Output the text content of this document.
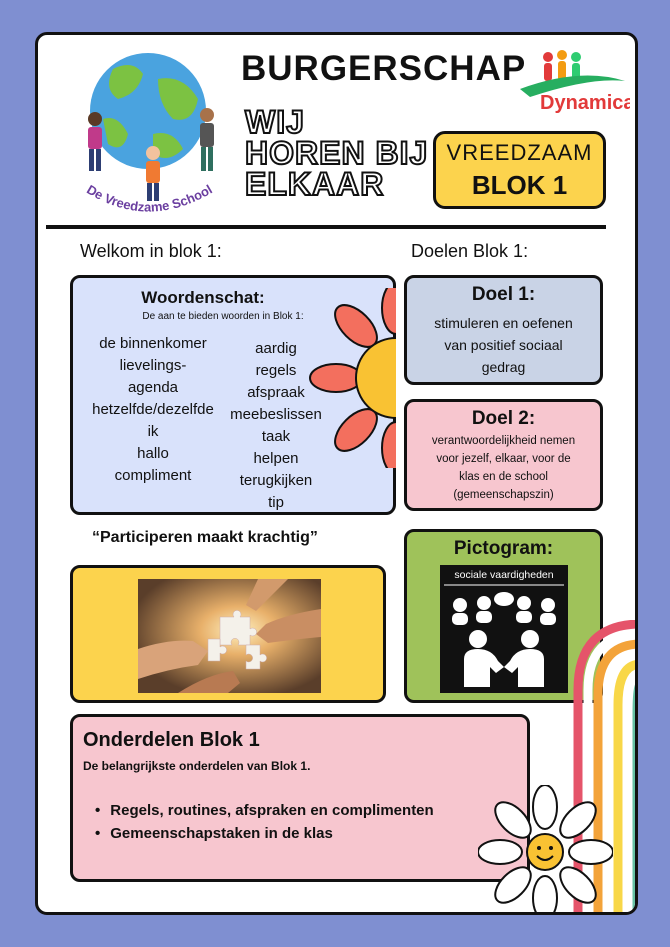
De Vreedzame School
BURGERSCHAP
Dynamica
WIJ
HOREN BIJ
ELKAAR
VREEDZAAM
BLOK 1
Welkom in blok 1:	Doelen Blok 1:
Woordenschat:
De aan te bieden woorden in Blok 1:
de binnenkomer
lievelings-
agenda
hetzelfde/dezelfde
ik
hallo
compliment
aardig
regels
afspraak
meebeslissen
taak
helpen
terugkijken
tip
Doel 1:
stimuleren en oefenen
van positief sociaal
gedrag
Doel 2:
verantwoordelijkheid nemen
voor jezelf, elkaar, voor de
klas en de school
(gemeenschapszin)
“Participeren maakt krachtig”
Pictogram:
sociale vaardigheden
Onderdelen Blok 1
De belangrijkste onderdelen van Blok 1.
• Regels, routines, afspraken en complimenten
• Gemeenschapstaken in de klas
